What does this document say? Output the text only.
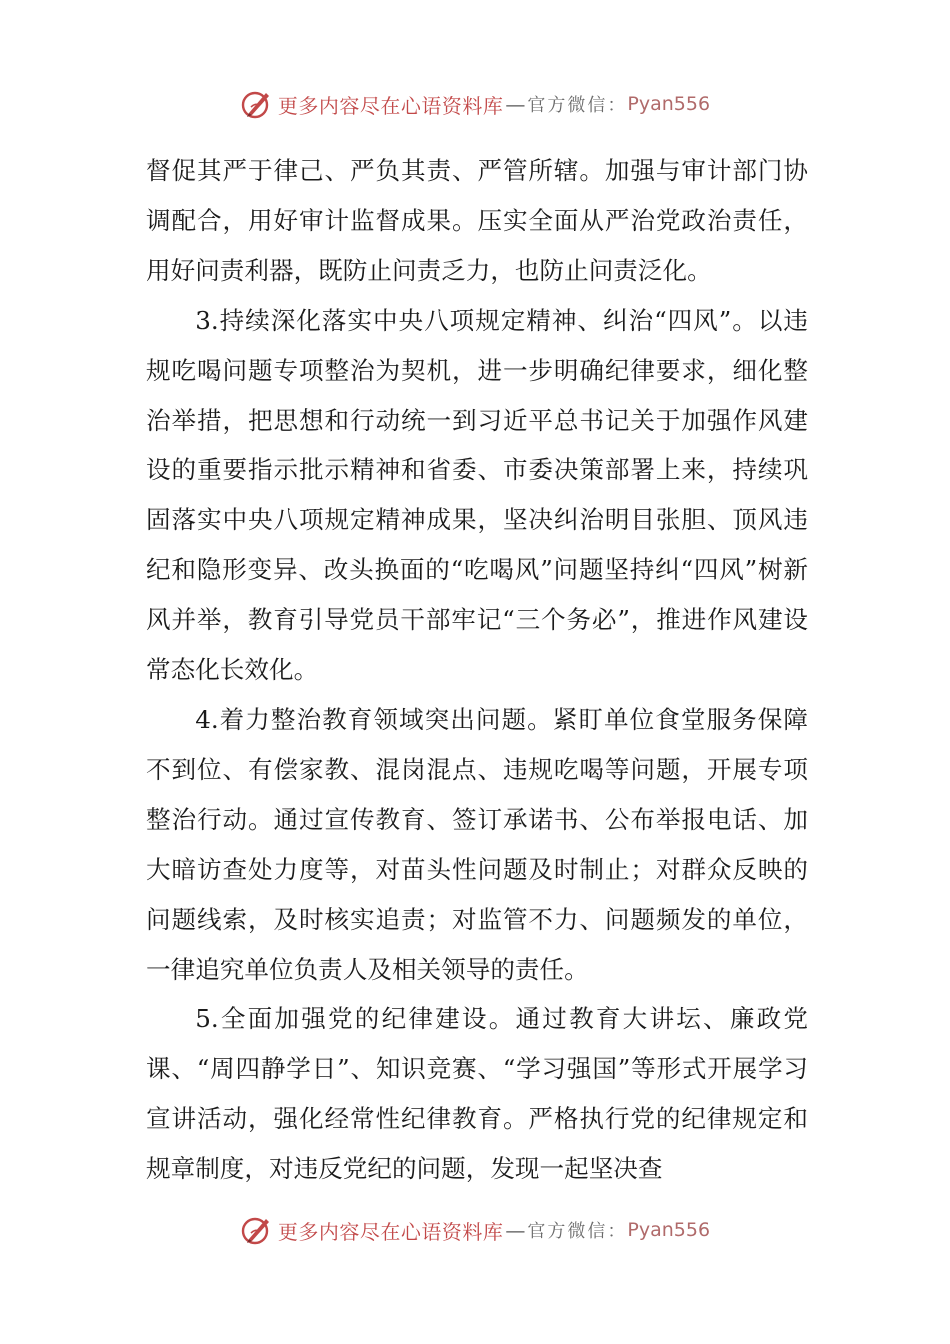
更多内容尽在心语资料库 — 官方微信： Pyan556

督促其严于律己、严负其责、严管所辖。加强与审计部门协调配合，用好审计监督成果。压实全面从严治党政治责任，用好问责利器，既防止问责乏力，也防止问责泛化。

3.持续深化落实中央八项规定精神、纠治“四风”。以违规吃喝问题专项整治为契机，进一步明确纪律要求，细化整治举措，把思想和行动统一到习近平总书记关于加强作风建设的重要指示批示精神和省委、市委决策部署上来，持续巩固落实中央八项规定精神成果，坚决纠治明目张胆、顶风违纪和隐形变异、改头换面的“吃喝风”问题坚持纠“四风”树新风并举，教育引导党员干部牢记“三个务必”，推进作风建设常态化长效化。

4.着力整治教育领域突出问题。紧盯单位食堂服务保障不到位、有偿家教、混岗混点、违规吃喝等问题，开展专项整治行动。通过宣传教育、签订承诺书、公布举报电话、加大暗访查处力度等，对苗头性问题及时制止；对群众反映的问题线索，及时核实追责；对监管不力、问题频发的单位，一律追究单位负责人及相关领导的责任。

5.全面加强党的纪律建设。通过教育大讲坛、廉政党课、“周四静学日”、知识竞赛、“学习强国”等形式开展学习宣讲活动，强化经常性纪律教育。严格执行党的纪律规定和规章制度，对违反党纪的问题，发现一起坚决查

更多内容尽在心语资料库 — 官方微信： Pyan556
